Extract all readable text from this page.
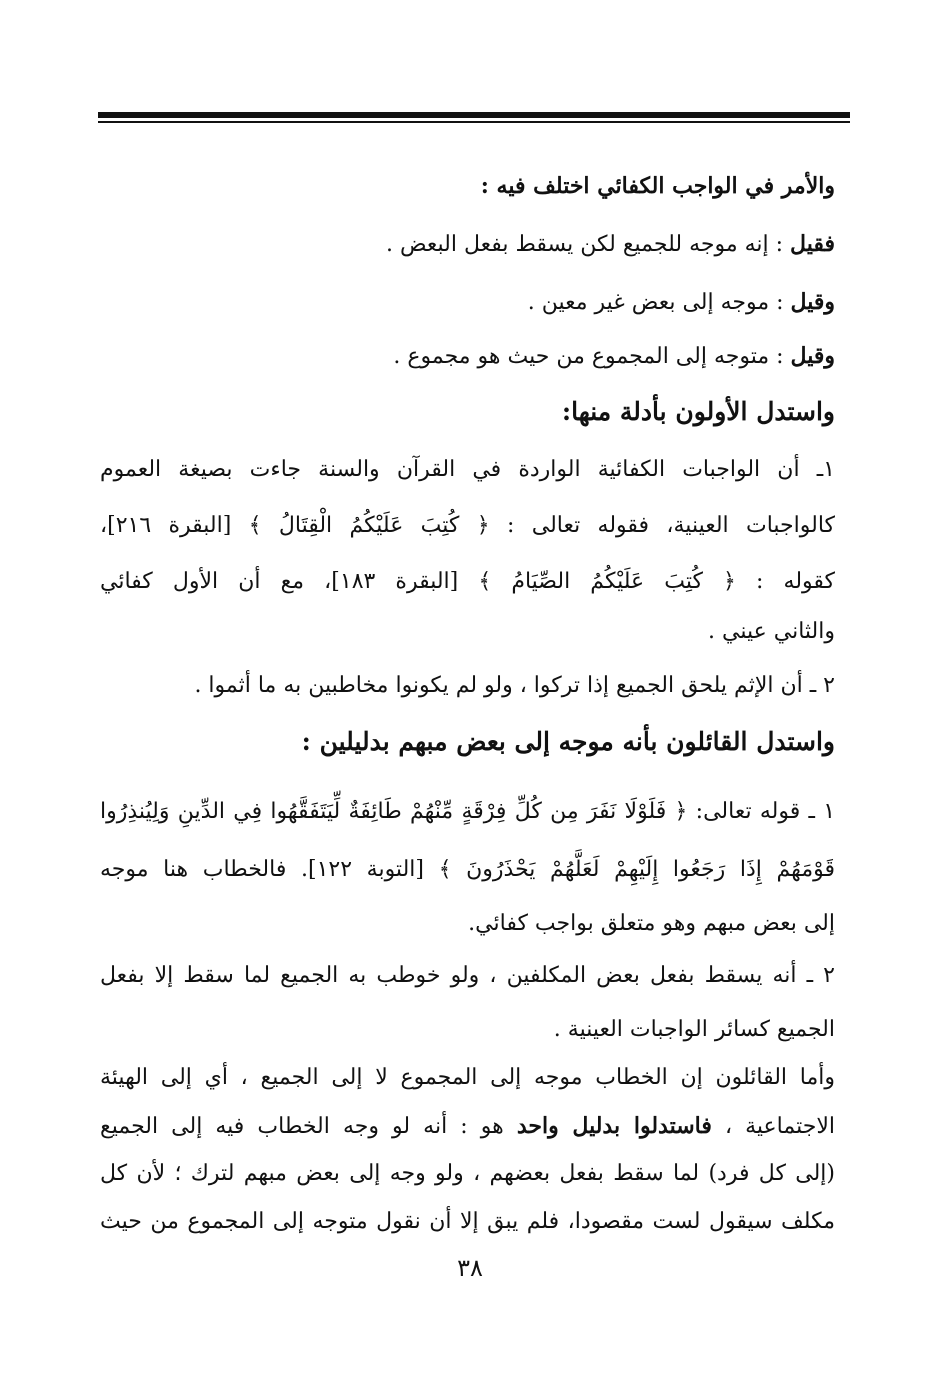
والأمر في الواجب الكفائي اختلف فيه :
فقيل : إنه موجه للجميع لكن يسقط بفعل البعض .
وقيل : موجه إلى بعض غير معين .
وقيل : متوجه إلى المجموع من حيث هو مجموع .
واستدل الأولون بأدلة منها:
١ـ أن الواجبات الكفائية الواردة في القرآن والسنة جاءت بصيغة العموم
كالواجبات العينية، فقوله تعالى : ﴿ كُتِبَ عَلَيْكُمُ الْقِتَالُ ﴾ [البقرة ٢١٦]،
كقوله : ﴿ كُتِبَ عَلَيْكُمُ الصِّيَامُ ﴾ [البقرة ١٨٣]، مع أن الأول كفائي
والثاني عيني .
٢ ـ أن الإثم يلحق الجميع إذا تركوا ، ولو لم يكونوا مخاطبين به ما أثموا .
واستدل القائلون بأنه موجه إلى بعض مبهم بدليلين :
١ ـ قوله تعالى: ﴿ فَلَوْلَا نَفَرَ مِن كُلِّ فِرْقَةٍ مِّنْهُمْ طَائِفَةٌ لِّيَتَفَقَّهُوا فِي الدِّينِ وَلِيُنذِرُوا
قَوْمَهُمْ إِذَا رَجَعُوا إِلَيْهِمْ لَعَلَّهُمْ يَحْذَرُونَ ﴾ [التوبة ١٢٢]. فالخطاب هنا موجه
إلى بعض مبهم وهو متعلق بواجب كفائي.
٢ ـ أنه يسقط بفعل بعض المكلفين ، ولو خوطب به الجميع لما سقط إلا بفعل
الجميع كسائر الواجبات العينية .
وأما القائلون إن الخطاب موجه إلى المجموع لا إلى الجميع ، أي إلى الهيئة
الاجتماعية ، فاستدلوا بدليل واحد هو : أنه لو وجه الخطاب فيه إلى الجميع
(إلى كل فرد) لما سقط بفعل بعضهم ، ولو وجه إلى بعض مبهم لترك ؛ لأن كل
مكلف سيقول لست مقصودا، فلم يبق إلا أن نقول متوجه إلى المجموع من حيث
٣٨
